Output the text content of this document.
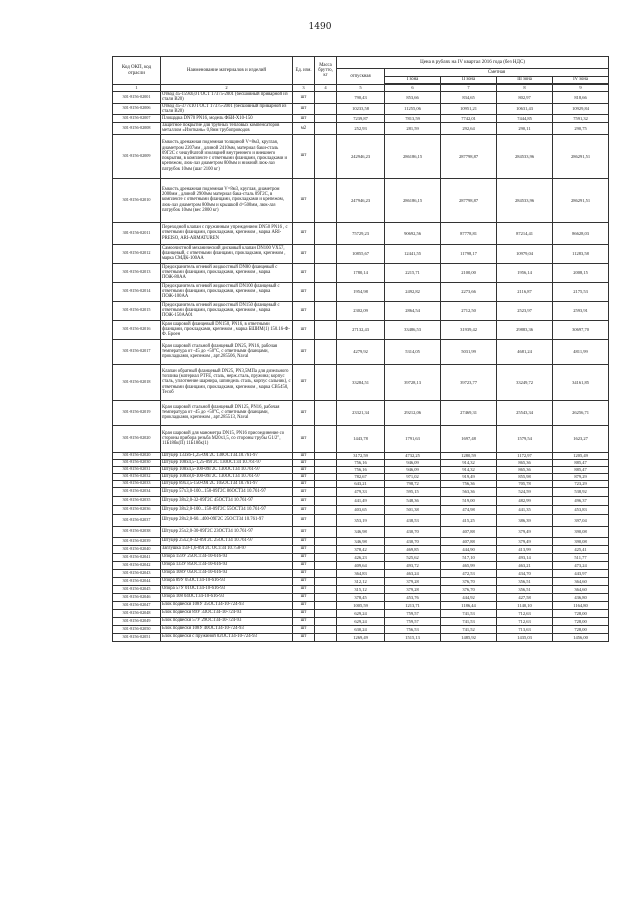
1490
Код ОКП, код отрасли	Наименование материалов и изделий	Ед. изм.	Масса брутто, кг	Цена в рублях на IV квартал 2016 года (без НДС)				
				отпускная	Сметная			
					I зона	II зона	III зона	IV зона

1	2	3	4	5	6	7	8	9
301-8156-02001	Отвод 45-159х6,0 ГОСТ 17375-2001 (бесшовный приварной из стали В20)	шт		790,43	853,66	834,65	802,97	818,66
301-8156-02006	Отвод 45-377х10 ГОСТ 17375-2001 (бесшовный приварной из стали В20)	шт		10233,58	11255,06	10951,21	10631,43	10929,84
301-8156-02007	Площадка DN70 PN16, модель ФБИ-Х10-150	шт		7239,87	7813,59	7742,01	7444,85	7591,32
301-8156-02008	Защитное покрытие для трубных тепловых компенсаторов металлом «Изоткань» 0,8мм трубопроводов	м2		252,93	281,59	292,64	290,11	290,75
301-8156-02009	Емкость дренажная подземная толщиной V=8м3, круглая, диаметром 2207мм , длиной 2410мм, материал баки-сталь 09Г2С с чешуйчатой изоляцией внутреннего и внешнего покрытия, в комплекте с ответными фланцами, прокладками и крепежом, люк-лаз диаметром 800мм и нижний люк-лаз патрубок 10мм (шаг 2100 кг)	шт		242946,23	286186,15	287798,87	284533,96	286291,51
301-8156-02010	Емкость дренажная подземная V=8м3, круглая, диаметром 2000мм , длиной 2900мм материал бака-сталь 09Г2С, в комплекте с ответными фланцами, прокладками и крепежом, люк-лаз диаметром 800мм и крышкой d=500мм, люк-лаз патрубок 10мм (вес 2800 кг)	шт		247946,23	286186,15	287798,87	284533,96	286291,51
301-8156-02011	Переходной клапан с пружинным упреждением DN50 PN16 , с ответными фланцами, прокладками, крепежом , марка ARI-PREISO, ARI-ARMATUREN	шт		75729,23	90692,56	87778,81	87214,41	86628,03
301-8156-02012	Самоочистной механический дисковый клапан DN100 VX57, фланцевый, с ответными фланцами, прокладками, крепежом , марка СМДК-100АА	шт		10855,67	12441,55	11798,17	10979,04	11283,58
301-8156-02013	Предохранитель огневой жидкостный DN80 фланцевый с ответными фланцами, прокладками, крепежом , марка ПОЖ-80АА	шт		1780,14	2215,71	2100,00	1956,14	2008,15
301-8156-02014	Предохранитель огневой жидкостный DN100 фланцевый с ответными фланцами, прокладками, крепежом , марка ПОЖ-100АА	шт		1954,98	2492,82	2273,66	2116,87	2175,53
301-8156-02015	Предохранитель огневой жидкостный DN150 фланцевый с ответными фланцами, прокладками, крепежом , марка ПОЖ-150АА01	шт		2302,09	2864,54	2712,50	2523,97	2593,91
301-8156-02016	Кран шаровой фланцевый DN150, PN16, в ответными фланцами, прокладками, крепежом , марка БШИМ(1) 150.16-Ф-Ф. Броен	шт		27132,43	33486,53	31939,42	29883,36	30697,70
301-8156-02017	Кран шаровой стальной фланцевый DN25, PN16, рабочая температура от -45 до +50°С, с ответными фланцами, прокладками, крепежом , арт.285506, Naval	шт		4279,92	5314,05	5031,99	4681,24	4811,99
301-8156-02018	Клапан обратный фланцевый DN25, PN3,5МПа для дизельного топлива (материал PTFE, сталь, нерж.сталь, пружина; корпус сталь, уплотнение шарнира, шпиндель сталь, корпус сальник), с ответными фланцами, прокладками, крепежом , марка СВ5450, Тесоб	шт		33284,51	39728,13	39723,77	33249,72	34161,85
301-8156-02019	Кран шаровой стальной фланцевый DN125, PN16, рабочая температура от -45 до +50°С, с ответными фланцами, прокладками, крепежом , арт.285513, Naval	шт		23321,34	29212,06	27469,31	25543,34	26256,71
301-8156-02020	Кран шаровой для манометра DN15, PN16 присоединение со стороны прибора резьба M20х1,5, со стороны трубы G1/2", 11Б18бк(П) 11Б18бк(1)	шт		1443,78	1791,63	1697,48	1579,54	1623,27
301-8156-02020	Штуцер 133х6-1,25-09Г2С 130ОСТ34.10.761-97	шт		3172,59	4732,25	1280,59	1172,97	1205,49
301-8156-02030	Штуцер 108х4,5-1,25-09Г2С 130ОСТ34 10.761-97	шт		756,16	946,09	914,32	865,36	885,47
301-8156-02031	Штуцер 108х4,5-100-09Г2С 130ОСТ34 10.761-97	шт		756,16	946,09	914,32	865,36	885,47
301-8156-02032	Штуцер 108х8,0-100-09Г2С 130ОСТ34 10.761-97	шт		782,67	971,02	919,49	855,98	879,29
301-8156-02033	Штуцер 89х3,5-150-09Г2С 105ОСТ34 10.761-97	шт		643,21	798,72	756,36	705,78	723,29
301-8156-02034	Штуцер 57х3,0-100...150-09Г2С 86ОСТ34 10.761-97	шт		479,33	595,15	563,36	524,59	538,92
301-8156-02035	Штуцер 38х2,0-32-09Г2С 45ОСТ34 10.761-97	шт		441,49	548,36	519,00	482,99	496,37
301-8156-02036	Штуцер 38х2,0-100...150-09Г2С 55ОСТ34 10.761-97	шт		403,65	501,38	474,98	441,35	453,83
301-8156-02037	Штуцер 28х2,0-60...400-09Г2С 25ОСТ34 10.761-97	шт		353,19	438,53	415,25	386,39	397,04
301-8156-02038	Штуцер 25х2,0-30-09Г2С 23ОСТ34 10.761-97	шт		346,98	430,70	407,88	379,49	390,08
301-8156-02039	Штуцер 25х2,0-32-09Г2С 25ОСТ34 10.761-97	шт		346,98	430,70	407,88	379,49	390,08
301-8156-02040	Заглушка 159-1,6-09Г2С ОСТ34 10.758-97	шт		378,42	469,85	444,90	413,99	425,41
301-8156-02041	Опора 159У 25ОСТ34-10-616-93	шт		426,23	525,62	517,10	493,14	511,77
301-8156-02042	Опора 133У 85ОСТ34-10-616-93	шт		409,64	493,72	465,99	463,21	473,24
301-8156-02043	Опора 108У 05ОСТ34-10-616-93	шт		364,83	463,24	472,53	434,70	443,97
301-8156-02044	Опора 89У 05ОСТ34-10-616-93	шт		312,12	379,28	376,70	356,51	364,60
301-8156-02045	Опора 57У 01ОСТ34-10-616-93	шт		315,12	379,28	376,70	356,51	364,60
301-8156-02046	Опора 108 04ОСТ34-10-616-93	шт		378,45	453,76	444,92	427,58	436,80
301-8156-02047	Блок подвески 108У 35ОСТ34-10-724-93	шт		1005,59	1213,71	1186,44	1140,10	1164,80
301-8156-02048	Блок подвески 89У 33ОСТ34-10-724-93	шт		629,24	759,57	741,53	712,63	728,00
301-8156-02049	Блок подвески 57У 29ОСТ34-10-724-93	шт		629,24	759,57	741,53	712,63	728,00
301-8156-02050	Блок подвески 108У 40ОСТ34-10-724-93	шт		630,24	756,53	741,52	713,63	728,00
301-8156-02051	Блок подвески с пружиной 02ОСТ34-10-724-93	шт		1269,49	1515,13	1485,92	1435,03	1456,00
